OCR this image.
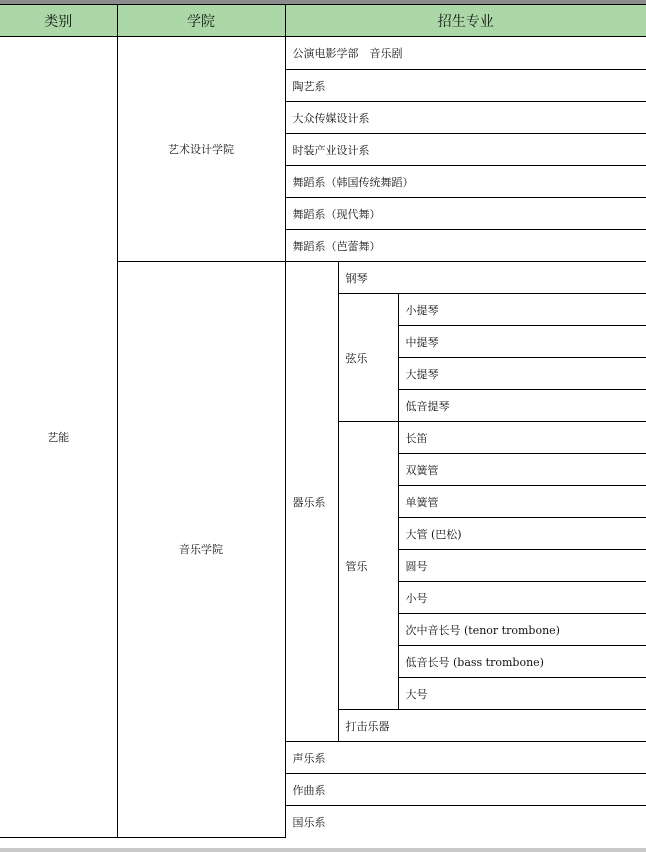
类别	学院	招生专业		
艺能	艺术设计学院	公演电影学部　音乐剧		
		陶艺系		
		大众传媒设计系		
		时装产业设计系		
		舞蹈系（韩国传统舞蹈）		
		舞蹈系（现代舞）		
		舞蹈系（芭蕾舞）		
	音乐学院	器乐系	钢琴	
			弦乐	小提琴
				中提琴
				大提琴
				低音提琴
			管乐	长笛
				双簧管
				单簧管
				大管 (巴松)
				圆号
				小号
				次中音长号 (tenor trombone)
				低音长号 (bass trombone)
				大号
			打击乐器	
		声乐系		
		作曲系		
		国乐系		
